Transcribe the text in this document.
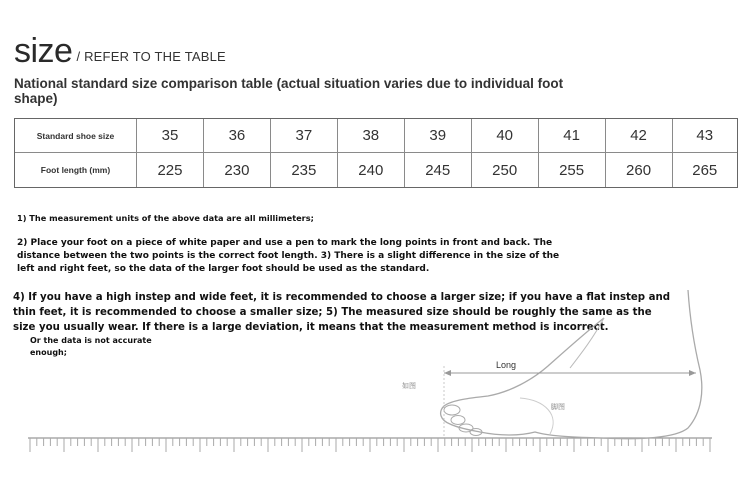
size / REFER TO THE TABLE
National standard size comparison table (actual situation varies due to individual foot shape)
Standard shoe size	35	36	37	38	39	40	41	42	43
Foot length (mm)	225	230	235	240	245	250	255	260	265
1) The measurement units of the above data are all millimeters;
2) Place your foot on a piece of white paper and use a pen to mark the long points in front and back. The distance between the two points is the correct foot length. 3) There is a slight difference in the size of the left and right feet, so the data of the larger foot should be used as the standard.
4) If you have a high instep and wide feet, it is recommended to choose a larger size; if you have a flat instep and thin feet, it is recommended to choose a smaller size; 5) The measured size should be roughly the same as the size you usually wear. If there is a large deviation, it means that the measurement method is incorrect.
Or the data is not accurate enough;
Long
如图
脚图
